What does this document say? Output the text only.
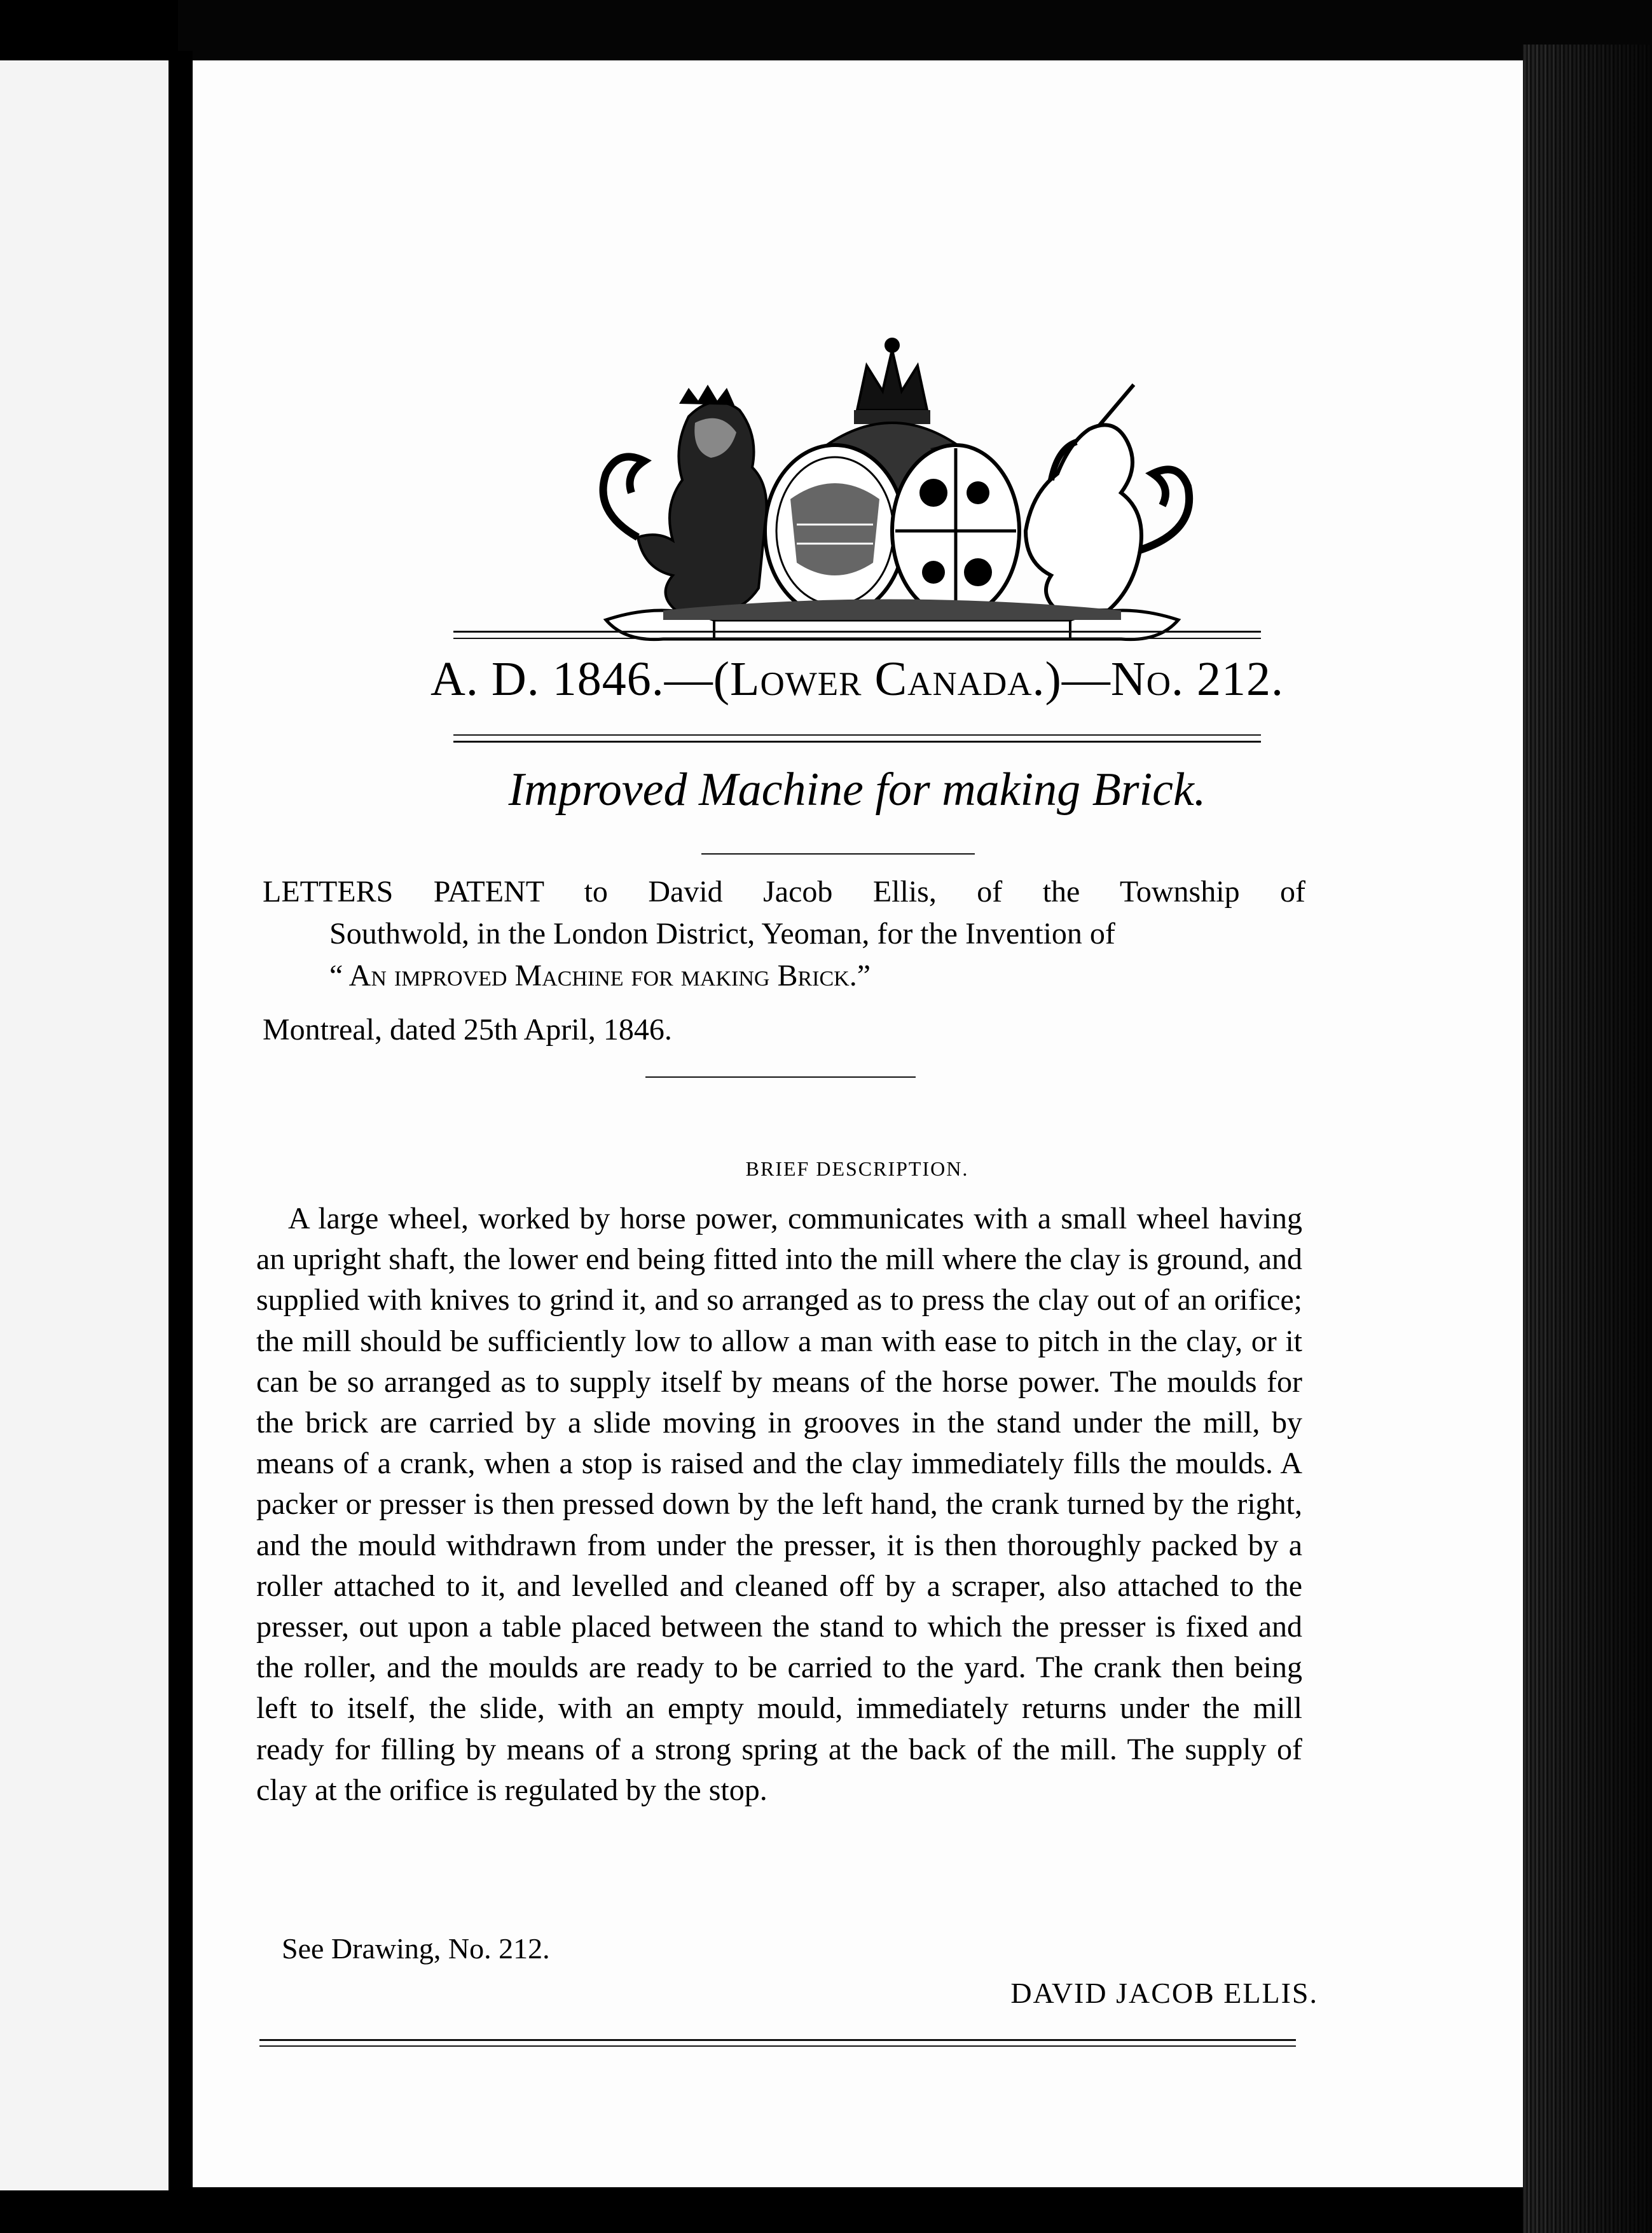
A. D. 1846.—(Lower Canada.)—No. 212.
Improved Machine for making Brick.
LETTERS PATENT to David Jacob Ellis, of the Township of
Southwold, in the London District, Yeoman, for the Invention of
“ An improved Machine for making Brick.”
Montreal, dated 25th April, 1846.
BRIEF DESCRIPTION.
A large wheel, worked by horse power, communicates with a small wheel having an upright shaft, the lower end being fitted into the mill where the clay is ground, and supplied with knives to grind it, and so arranged as to press the clay out of an orifice; the mill should be sufficiently low to allow a man with ease to pitch in the clay, or it can be so arranged as to supply itself by means of the horse power. The moulds for the brick are carried by a slide moving in grooves in the stand under the mill, by means of a crank, when a stop is raised and the clay immediately fills the moulds. A packer or presser is then pressed down by the left hand, the crank turned by the right, and the mould withdrawn from under the presser, it is then thoroughly packed by a roller attached to it, and levelled and cleaned off by a scraper, also attached to the presser, out upon a table placed between the stand to which the presser is fixed and the roller, and the moulds are ready to be carried to the yard. The crank then being left to itself, the slide, with an empty mould, immediately returns under the mill ready for filling by means of a strong spring at the back of the mill. The supply of clay at the orifice is regulated by the stop.
See Drawing, No. 212.
DAVID JACOB ELLIS.
